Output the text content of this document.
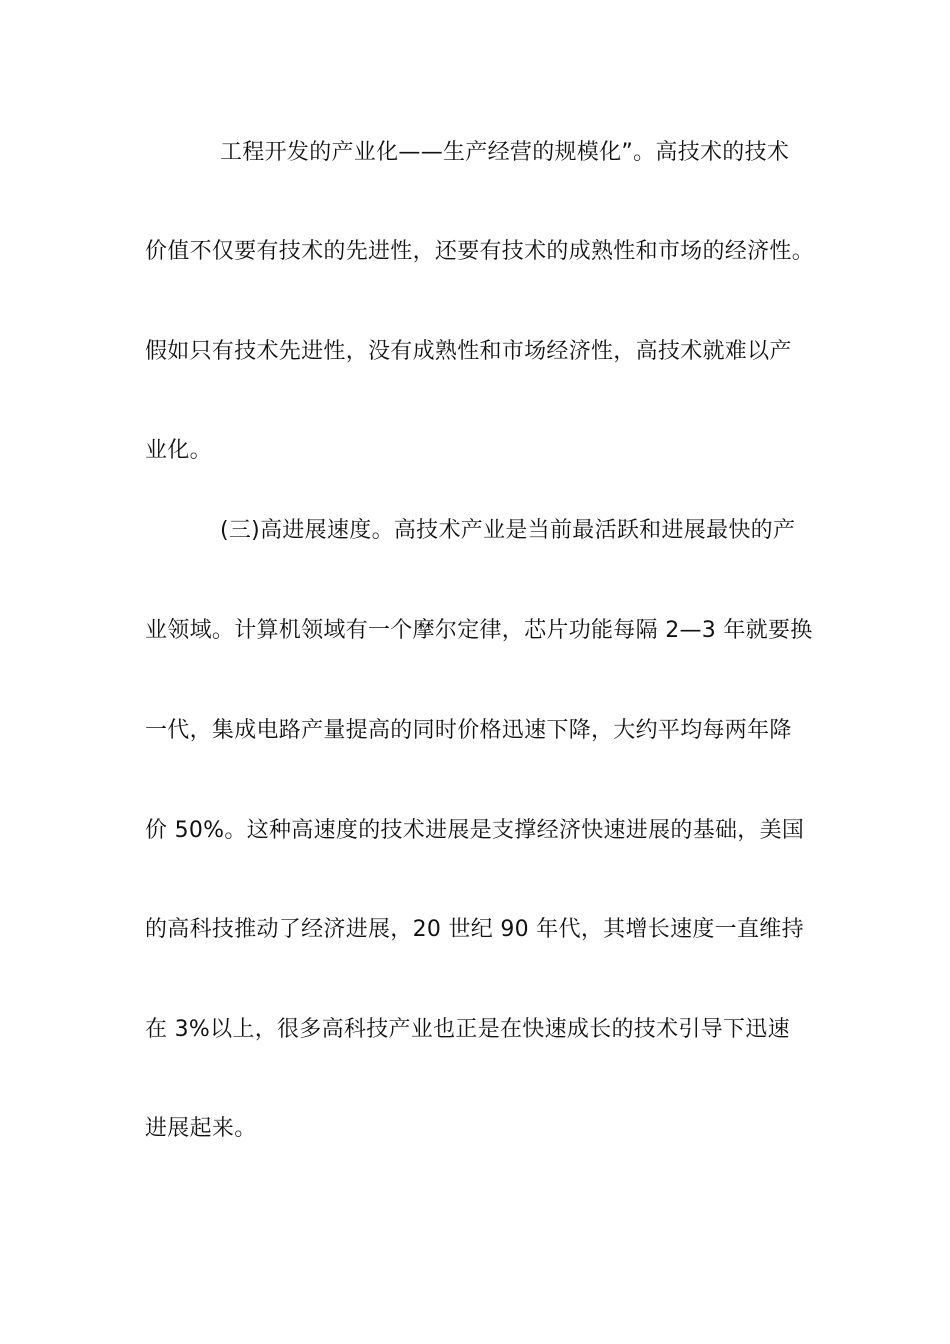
工程开发的产业化——生产经营的规模化”。高技术的技术
价值不仅要有技术的先进性，还要有技术的成熟性和市场的经济性。
假如只有技术先进性，没有成熟性和市场经济性，高技术就难以产
业化。
(三)高进展速度。高技术产业是当前最活跃和进展最快的产
业领域。计算机领域有一个摩尔定律，芯片功能每隔 2—3 年就要换
一代，集成电路产量提高的同时价格迅速下降，大约平均每两年降
价 50%。这种高速度的技术进展是支撑经济快速进展的基础，美国
的高科技推动了经济进展，20 世纪 90 年代，其增长速度一直维持
在 3%以上，很多高科技产业也正是在快速成长的技术引导下迅速
进展起来。
